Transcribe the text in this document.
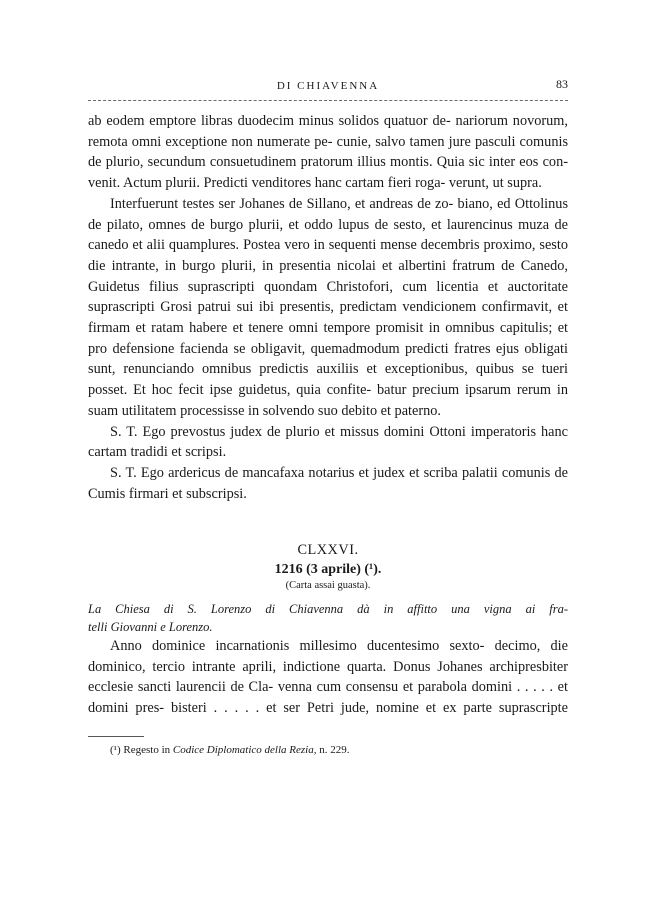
DI CHIAVENNA	83

ab eodem emptore libras duodecim minus solidos quatuor de- nariorum novorum, remota omni exceptione non numerate pe- cunie, salvo tamen jure pasculi comunis de plurio, secundum consuetudinem pratorum illius montis. Quia sic inter eos con- venit. Actum plurii. Predicti venditores hanc cartam fieri roga- verunt, ut supra.

Interfuerunt testes ser Johanes de Sillano, et andreas de zo- biano, ed Ottolinus de pilato, omnes de burgo plurii, et oddo lupus de sesto, et laurencinus muza de canedo et alii quamplures. Postea vero in sequenti mense decembris proximo, sesto die intrante, in burgo plurii, in presentia nicolai et albertini fratrum de Canedo, Guidetus filius suprascripti quondam Christofori, cum licentia et auctoritate suprascripti Grosi patrui sui ibi presentis, predictam vendicionem confirmavit, et firmam et ratam habere et tenere omni tempore promisit in omnibus capitulis; et pro defensione facienda se obligavit, quemadmodum predicti fratres ejus obligati sunt, renunciando omnibus predictis auxiliis et exceptionibus, quibus se tueri posset. Et hoc fecit ipse guidetus, quia confite- batur precium ipsarum rerum in suam utilitatem processisse in solvendo suo debito et paterno.

S. T. Ego prevostus judex de plurio et missus domini Ottoni imperatoris hanc cartam tradidi et scripsi.

S. T. Ego ardericus de mancafaxa notarius et judex et scriba palatii comunis de Cumis firmari et subscripsi.

CLXXVI.
1216 (3 aprile) (¹).
(Carta assai guasta).

La Chiesa di S. Lorenzo di Chiavenna dà in affitto una vigna ai fra-

telli Giovanni e Lorenzo.

Anno dominice incarnationis millesimo ducentesimo sexto- decimo, die dominico, tercio intrante aprili, indictione quarta. Donus Johanes archipresbiter ecclesie sancti laurencii de Cla- venna cum consensu et parabola domini . . . . . et domini pres- bisteri . . . . . et ser Petri jude, nomine et ex parte suprascripte

(¹) Regesto in Codice Diplomatico della Rezia, n. 229.
